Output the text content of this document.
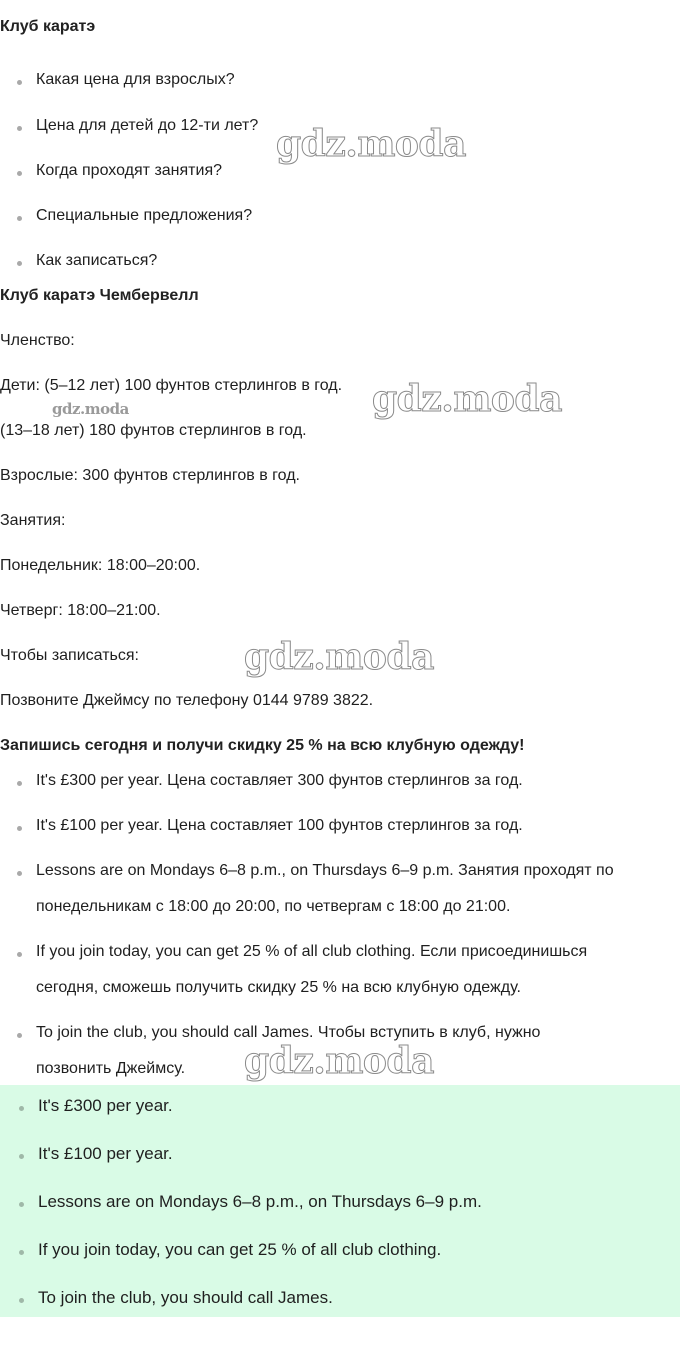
Клуб каратэ
Какая цена для взрослых?
Цена для детей до 12-ти лет?
Когда проходят занятия?
Специальные предложения?
Как записаться?
Клуб каратэ Чембервелл
Членство:
Дети: (5–12 лет) 100 фунтов стерлингов в год.
(13–18 лет) 180 фунтов стерлингов в год.
Взрослые: 300 фунтов стерлингов в год.
Занятия:
Понедельник: 18:00–20:00.
Четверг: 18:00–21:00.
Чтобы записаться:
Позвоните Джеймсу по телефону 0144 9789 3822.
Запишись сегодня и получи скидку 25 % на всю клубную одежду!
It's £300 per year. Цена составляет 300 фунтов стерлингов за год.
It's £100 per year. Цена составляет 100 фунтов стерлингов за год.
Lessons are on Mondays 6–8 p.m., on Thursdays 6–9 p.m. Занятия проходят по
понедельникам с 18:00 до 20:00, по четвергам с 18:00 до 21:00.
If you join today, you can get 25 % of all club clothing. Если присоединишься
сегодня, сможешь получить скидку 25 % на всю клубную одежду.
To join the club, you should call James. Чтобы вступить в клуб, нужно
позвонить Джеймсу.
It's £300 per year.
It's £100 per year.
Lessons are on Mondays 6–8 p.m., on Thursdays 6–9 p.m.
If you join today, you can get 25 % of all club clothing.
To join the club, you should call James.
gdz.moda
gdz.moda
gdz.moda
gdz.moda
gdz.moda
